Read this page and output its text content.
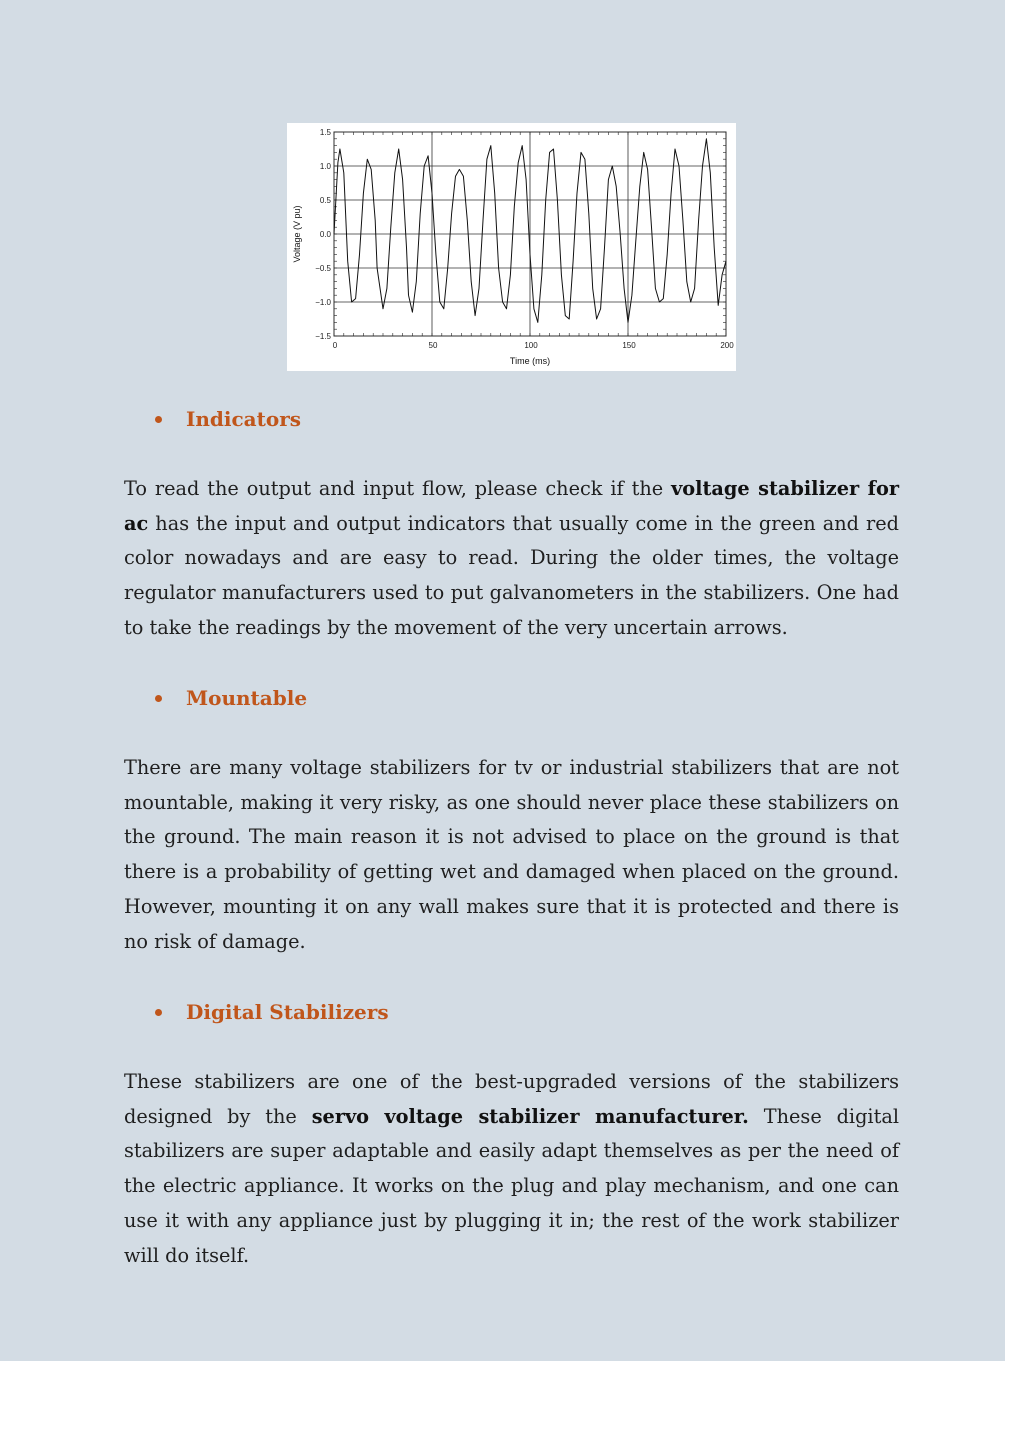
1.5
1.0
0.5
0.0
−0.5
−1.0
−1.5
0	50	100	150	200
Time (ms)
Voltage (V pu)
Indicators

To read the output and input flow, please check if the voltage stabilizer for ac has the input and output indicators that usually come in the green and red color nowadays and are easy to read. During the older times, the voltage regulator manufacturers used to put galvanometers in the stabilizers. One had to take the readings by the movement of the very uncertain arrows.

Mountable

There are many voltage stabilizers for tv or industrial stabilizers that are not mountable, making it very risky, as one should never place these stabilizers on the ground. The main reason it is not advised to place on the ground is that there is a probability of getting wet and damaged when placed on the ground. However, mounting it on any wall makes sure that it is protected and there is no risk of damage.

Digital Stabilizers

These stabilizers are one of the best-upgraded versions of the stabilizers designed by the servo voltage stabilizer manufacturer. These digital stabilizers are super adaptable and easily adapt themselves as per the need of the electric appliance. It works on the plug and play mechanism, and one can use it with any appliance just by plugging it in; the rest of the work stabilizer will do itself.
